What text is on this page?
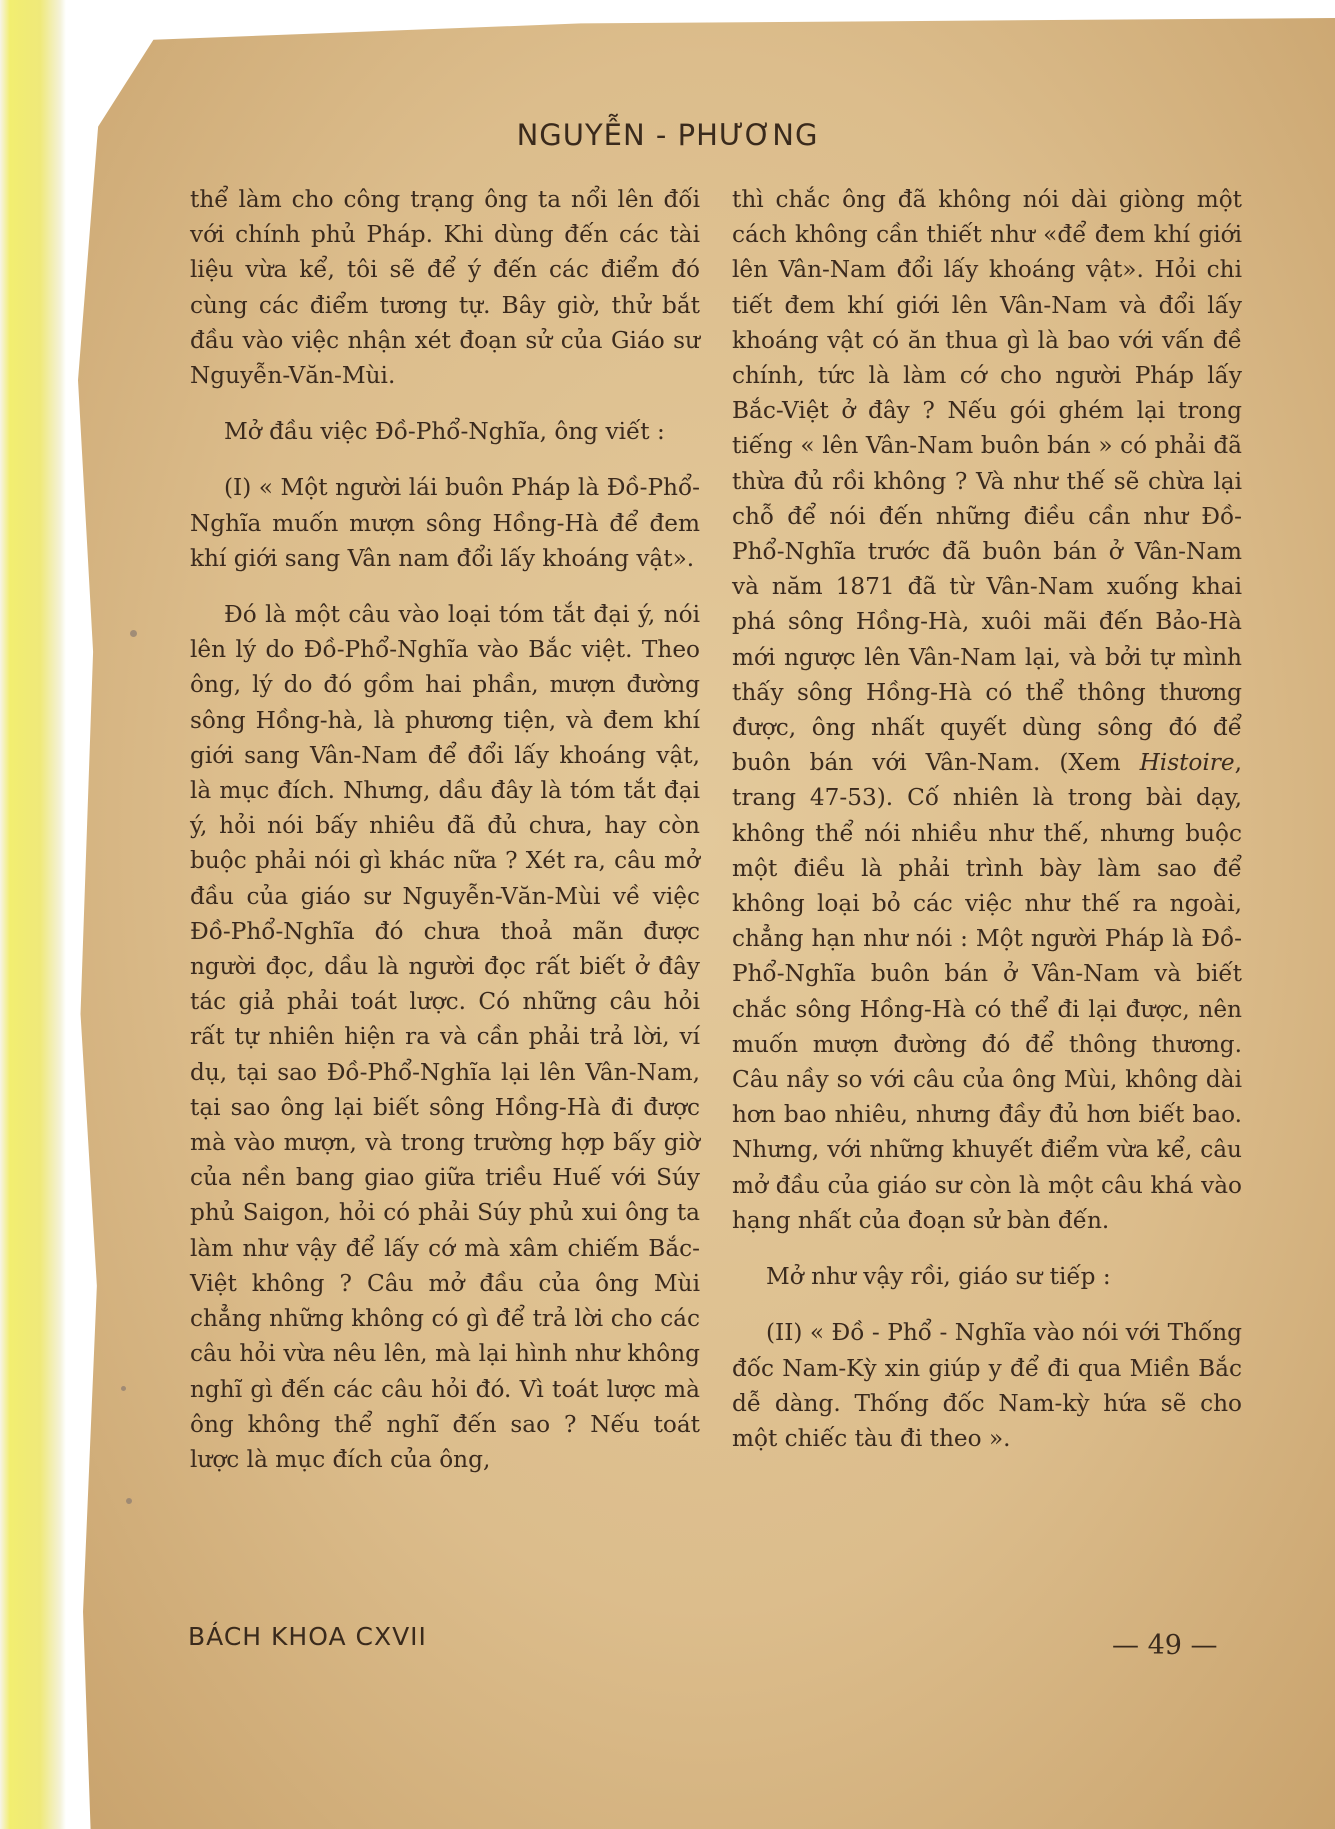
NGUYỄN - PHƯƠNG

thể làm cho công trạng ông ta nổi lên đối với chính phủ Pháp. Khi dùng đến các tài liệu vừa kể, tôi sẽ để ý đến các điểm đó cùng các điểm tương tự. Bây giờ, thử bắt đầu vào việc nhận xét đoạn sử của Giáo sư Nguyễn-Văn-Mùi.

Mở đầu việc Đồ-Phổ-Nghĩa, ông viết :

(I) « Một người lái buôn Pháp là Đồ-Phổ-Nghĩa muốn mượn sông Hồng-Hà để đem khí giới sang Vân nam đổi lấy khoáng vật».

Đó là một câu vào loại tóm tắt đại ý, nói lên lý do Đồ-Phổ-Nghĩa vào Bắc việt. Theo ông, lý do đó gồm hai phần, mượn đường sông Hồng-hà, là phương tiện, và đem khí giới sang Vân-Nam để đổi lấy khoáng vật, là mục đích. Nhưng, dầu đây là tóm tắt đại ý, hỏi nói bấy nhiêu đã đủ chưa, hay còn buộc phải nói gì khác nữa ? Xét ra, câu mở đầu của giáo sư Nguyễn-Văn-Mùi về việc Đồ-Phổ-Nghĩa đó chưa thoả mãn được người đọc, dầu là người đọc rất biết ở đây tác giả phải toát lược. Có những câu hỏi rất tự nhiên hiện ra và cần phải trả lời, ví dụ, tại sao Đồ-Phổ-Nghĩa lại lên Vân-Nam, tại sao ông lại biết sông Hồng-Hà đi được mà vào mượn, và trong trường hợp bấy giờ của nền bang giao giữa triều Huế với Súy phủ Saigon, hỏi có phải Súy phủ xui ông ta làm như vậy để lấy cớ mà xâm chiếm Bắc-Việt không ? Câu mở đầu của ông Mùi chẳng những không có gì để trả lời cho các câu hỏi vừa nêu lên, mà lại hình như không nghĩ gì đến các câu hỏi đó. Vì toát lược mà ông không thể nghĩ đến sao ? Nếu toát lược là mục đích của ông,

thì chắc ông đã không nói dài giòng một cách không cần thiết như «để đem khí giới lên Vân-Nam đổi lấy khoáng vật». Hỏi chi tiết đem khí giới lên Vân-Nam và đổi lấy khoáng vật có ăn thua gì là bao với vấn đề chính, tức là làm cớ cho người Pháp lấy Bắc-Việt ở đây ? Nếu gói ghém lại trong tiếng « lên Vân-Nam buôn bán » có phải đã thừa đủ rồi không ? Và như thế sẽ chừa lại chỗ để nói đến những điều cần như Đồ-Phổ-Nghĩa trước đã buôn bán ở Vân-Nam và năm 1871 đã từ Vân-Nam xuống khai phá sông Hồng-Hà, xuôi mãi đến Bảo-Hà mới ngược lên Vân-Nam lại, và bởi tự mình thấy sông Hồng-Hà có thể thông thương được, ông nhất quyết dùng sông đó để buôn bán với Vân-Nam. (Xem Histoire, trang 47-53). Cố nhiên là trong bài dạy, không thể nói nhiều như thế, nhưng buộc một điều là phải trình bày làm sao để không loại bỏ các việc như thế ra ngoài, chẳng hạn như nói : Một người Pháp là Đồ-Phổ-Nghĩa buôn bán ở Vân-Nam và biết chắc sông Hồng-Hà có thể đi lại được, nên muốn mượn đường đó để thông thương. Câu nầy so với câu của ông Mùi, không dài hơn bao nhiêu, nhưng đầy đủ hơn biết bao. Nhưng, với những khuyết điểm vừa kể, câu mở đầu của giáo sư còn là một câu khá vào hạng nhất của đoạn sử bàn đến.

Mở như vậy rồi, giáo sư tiếp :

(II) « Đồ - Phổ - Nghĩa vào nói với Thống đốc Nam-Kỳ xin giúp y để đi qua Miền Bắc dễ dàng. Thống đốc Nam-kỳ hứa sẽ cho một chiếc tàu đi theo ».

BÁCH KHOA CXVII	— 49 —
